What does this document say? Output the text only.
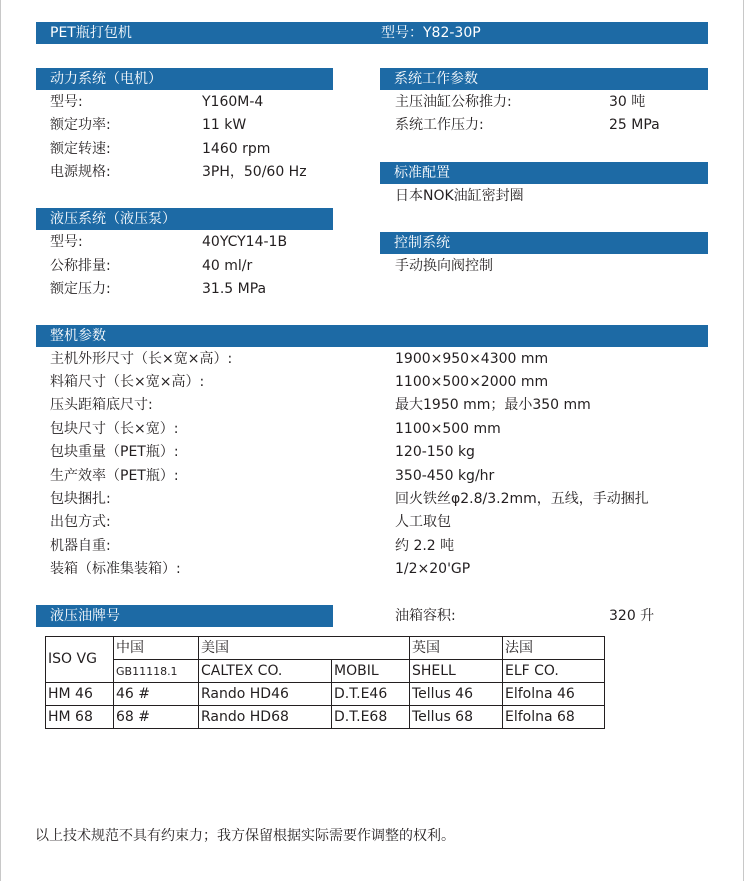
PET瓶打包机	型号：Y82-30P
动力系统（电机）
型号:	Y160M-4
额定功率:	11 kW
额定转速:	1460 rpm
电源规格:	3PH，50/60 Hz
系统工作参数
主压油缸公称推力:	30 吨
系统工作压力:	25 MPa
标准配置
日本NOK油缸密封圈
液压系统（液压泵）
型号:	40YCY14-1B
公称排量:	40 ml/r
额定压力:	31.5 MPa
控制系统
手动换向阀控制
整机参数
主机外形尺寸（长×宽×高）:	1900×950×4300 mm
料箱尺寸（长×宽×高）:	1100×500×2000 mm
压头距箱底尺寸:	最大1950 mm；最小350 mm
包块尺寸（长×宽）:	1100×500 mm
包块重量（PET瓶）:	120-150 kg
生产效率（PET瓶）:	350-450 kg/hr
包块捆扎:	回火铁丝φ2.8/3.2mm，五线，手动捆扎
出包方式:	人工取包
机器自重:	约 2.2 吨
装箱（标准集装箱）:	1/2×20'GP
液压油牌号	油箱容积:	320 升
ISO VG	中国	美国		英国	法国
	GB11118.1	CALTEX CO.	MOBIL	SHELL	ELF CO.
HM 46	46 #	Rando HD46	D.T.E46	Tellus 46	Elfolna 46
HM 68	68 #	Rando HD68	D.T.E68	Tellus 68	Elfolna 68
以上技术规范不具有约束力；我方保留根据实际需要作调整的权利。
